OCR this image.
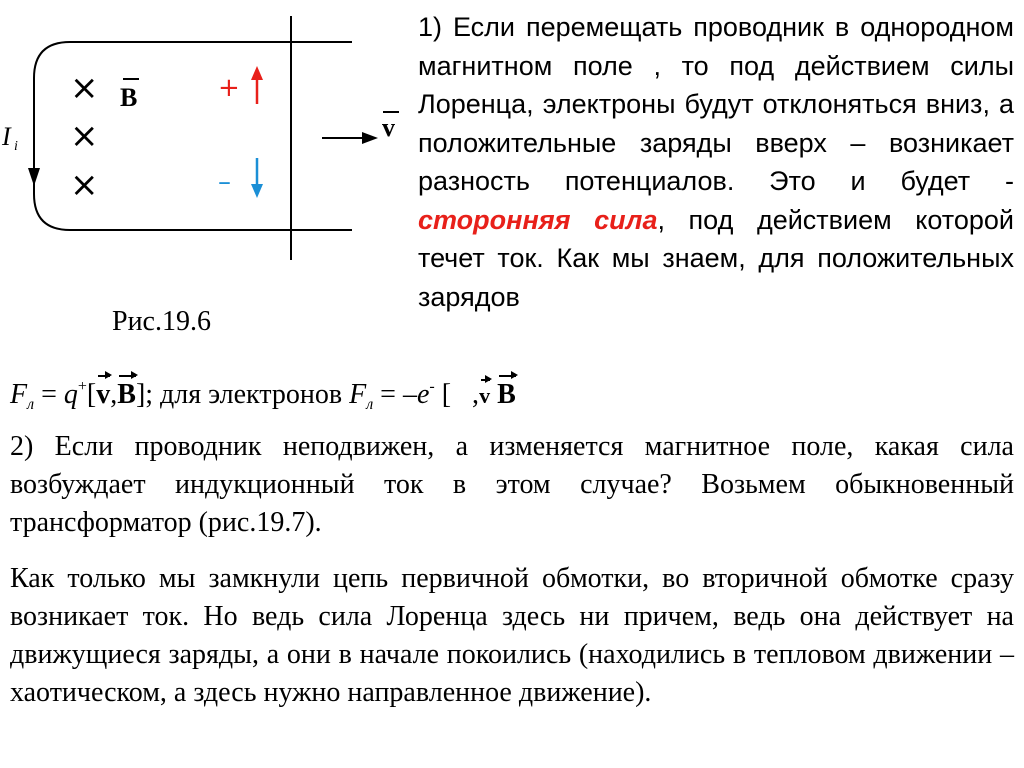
×
×
×
B
I i
v
+
–
Рис.19.6
1) Если перемещать проводник в однородном магнитном поле , то под действием силы Лоренца, электроны будут отклоняться вниз, а положительные заряды вверх – возникает разность потенциалов. Это и будет - сторонняя сила, под действием которой течет ток. Как мы знаем, для положительных зарядов
$F_л = q^+[v,B]$; для электронов $F_л = -e^-$ [   ,v B
2) Если проводник неподвижен, а изменяется магнитное поле, какая сила возбуждает индукционный ток в этом случае? Возьмем обыкновенный трансформатор (рис.19.7).
Как только мы замкнули цепь первичной обмотки, во вторичной обмотке сразу возникает ток. Но ведь сила Лоренца здесь ни причем, ведь она действует на движущиеся заряды, а они в начале покоились (находились в тепловом движении – хаотическом, а здесь нужно направленное движение).
